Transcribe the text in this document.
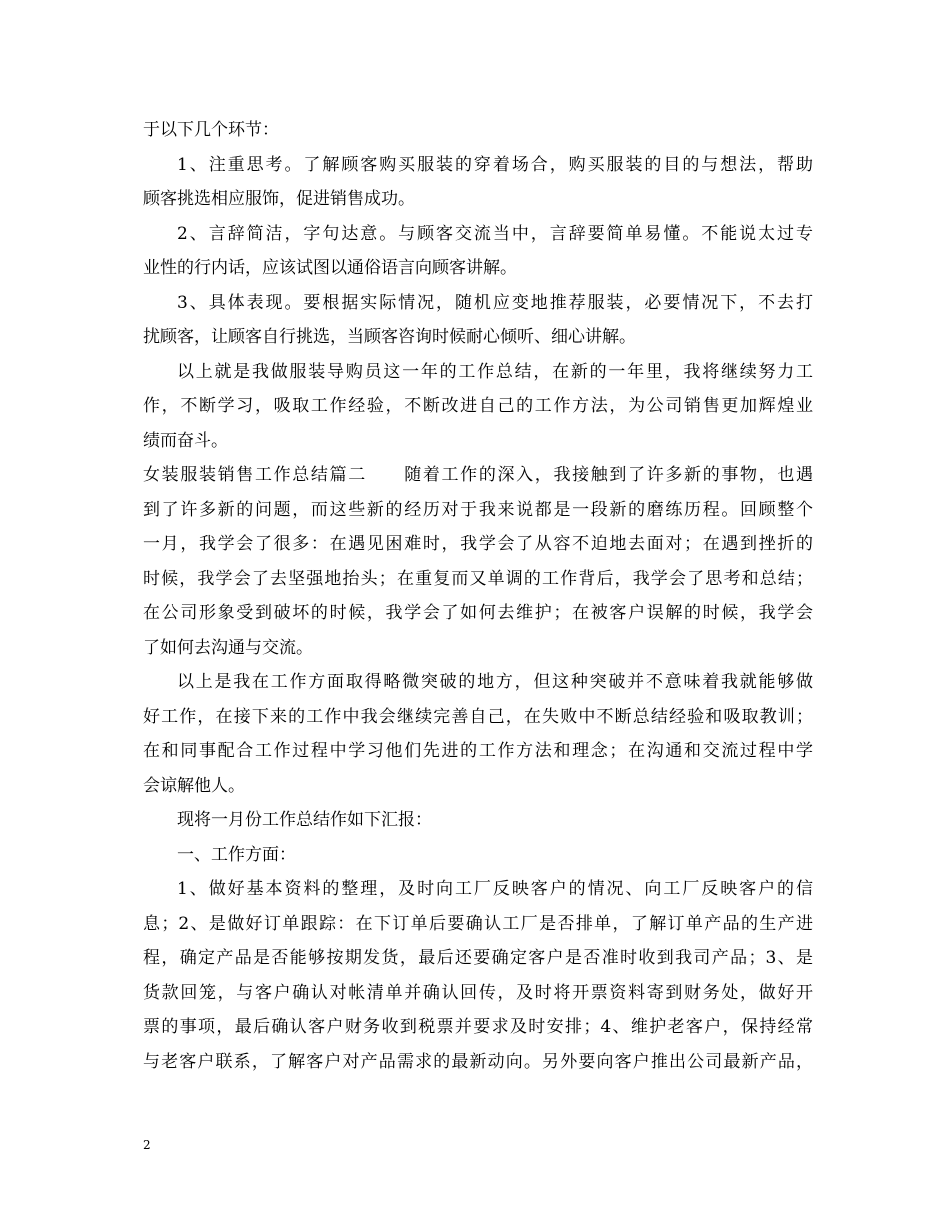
于以下几个环节：
1、注重思考。了解顾客购买服装的穿着场合，购买服装的目的与想法，帮助
顾客挑选相应服饰，促进销售成功。
2、言辞简洁，字句达意。与顾客交流当中，言辞要简单易懂。不能说太过专
业性的行内话，应该试图以通俗语言向顾客讲解。
3、具体表现。要根据实际情况，随机应变地推荐服装，必要情况下，不去打
扰顾客，让顾客自行挑选，当顾客咨询时候耐心倾听、细心讲解。
以上就是我做服装导购员这一年的工作总结，在新的一年里，我将继续努力工
作，不断学习，吸取工作经验，不断改进自己的工作方法，为公司销售更加辉煌业
绩而奋斗。
女装服装销售工作总结篇二　　随着工作的深入，我接触到了许多新的事物，也遇
到了许多新的问题，而这些新的经历对于我来说都是一段新的磨练历程。回顾整个
一月，我学会了很多：在遇见困难时，我学会了从容不迫地去面对；在遇到挫折的
时候，我学会了去坚强地抬头；在重复而又单调的工作背后，我学会了思考和总结；
在公司形象受到破坏的时候，我学会了如何去维护；在被客户误解的时候，我学会
了如何去沟通与交流。
以上是我在工作方面取得略微突破的地方，但这种突破并不意味着我就能够做
好工作，在接下来的工作中我会继续完善自己，在失败中不断总结经验和吸取教训；
在和同事配合工作过程中学习他们先进的工作方法和理念；在沟通和交流过程中学
会谅解他人。
现将一月份工作总结作如下汇报：
一、工作方面：
1、做好基本资料的整理，及时向工厂反映客户的情况、向工厂反映客户的信
息；2、是做好订单跟踪：在下订单后要确认工厂是否排单，了解订单产品的生产进
程，确定产品是否能够按期发货，最后还要确定客户是否准时收到我司产品；3、是
货款回笼，与客户确认对帐清单并确认回传，及时将开票资料寄到财务处，做好开
票的事项，最后确认客户财务收到税票并要求及时安排；4、维护老客户，保持经常
与老客户联系，了解客户对产品需求的最新动向。另外要向客户推出公司最新产品，
2
